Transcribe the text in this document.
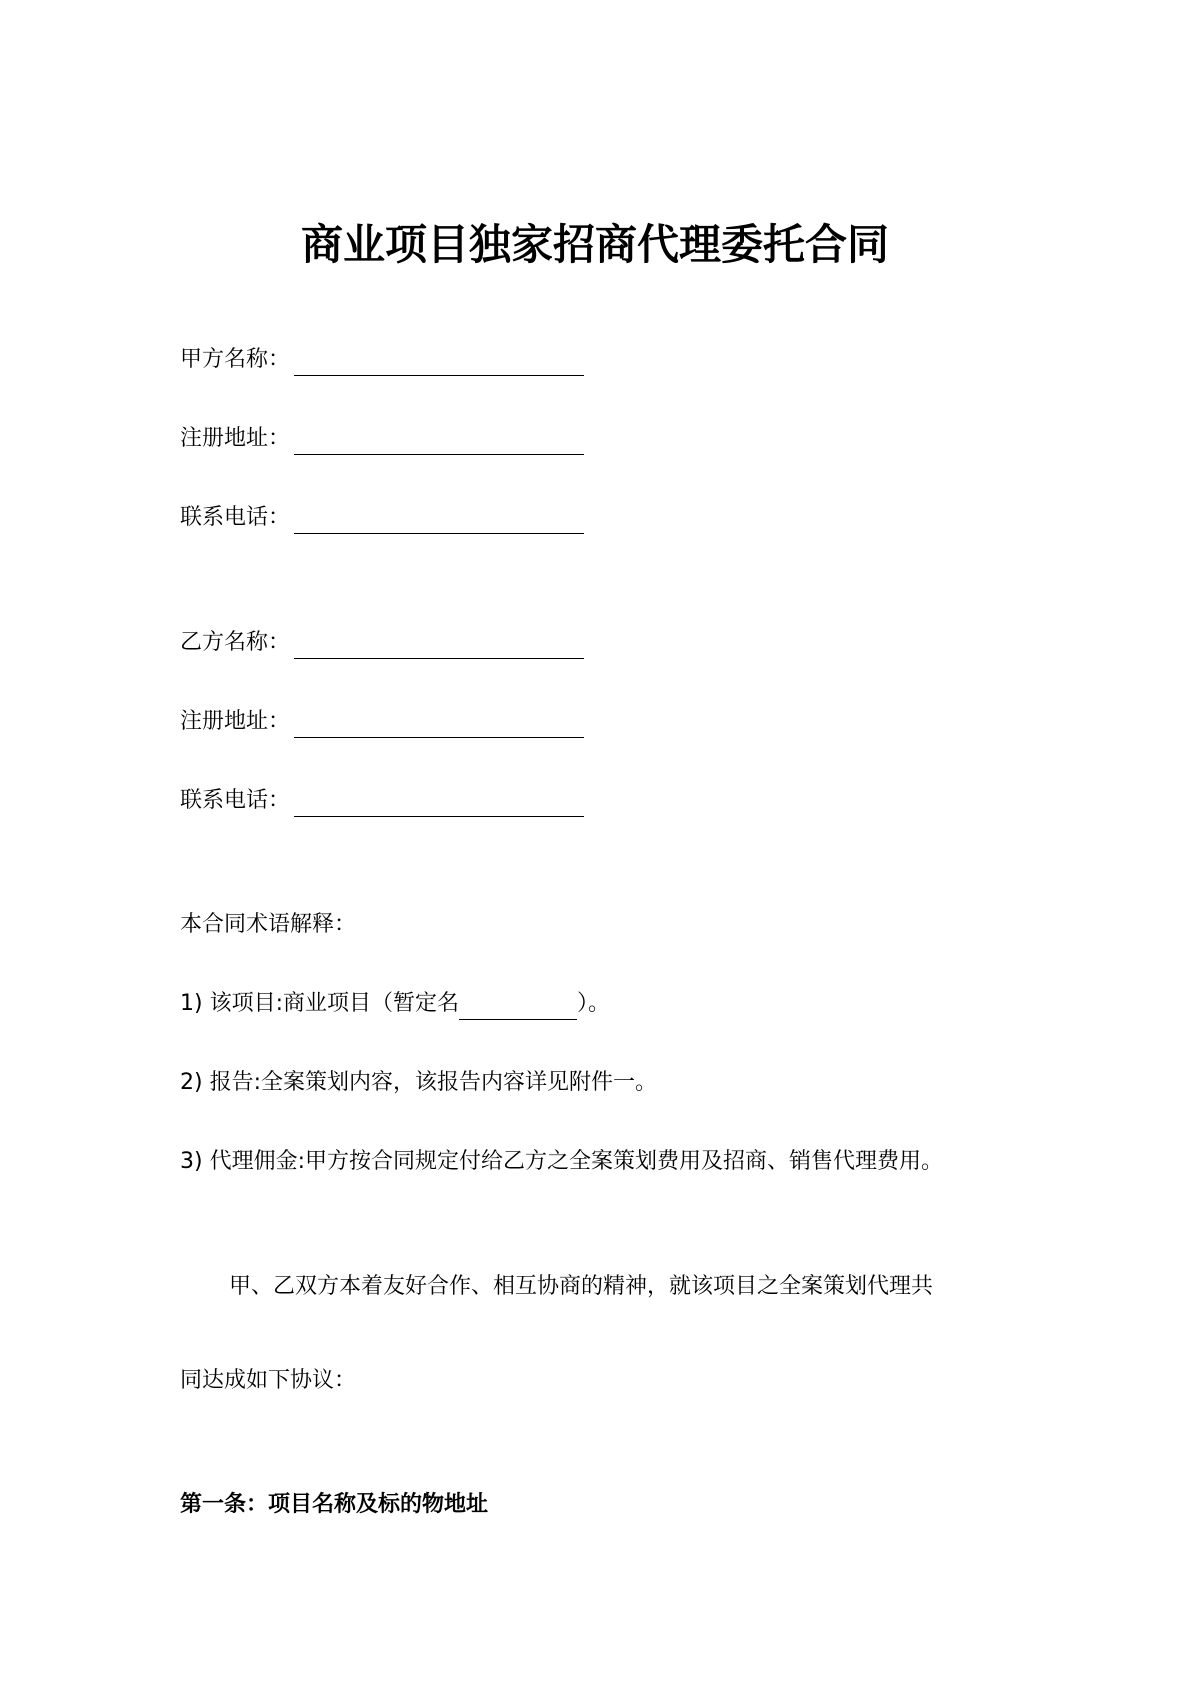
商业项目独家招商代理委托合同
甲方名称：
注册地址：
联系电话：
乙方名称：
注册地址：
联系电话：
本合同术语解释：
1) 该项目:商业项目（暂定名	）。
2) 报告:全案策划内容，该报告内容详见附件一。
3) 代理佣金:甲方按合同规定付给乙方之全案策划费用及招商、销售代理费用。
甲、乙双方本着友好合作、相互协商的精神，就该项目之全案策划代理共
同达成如下协议：
第一条：项目名称及标的物地址
